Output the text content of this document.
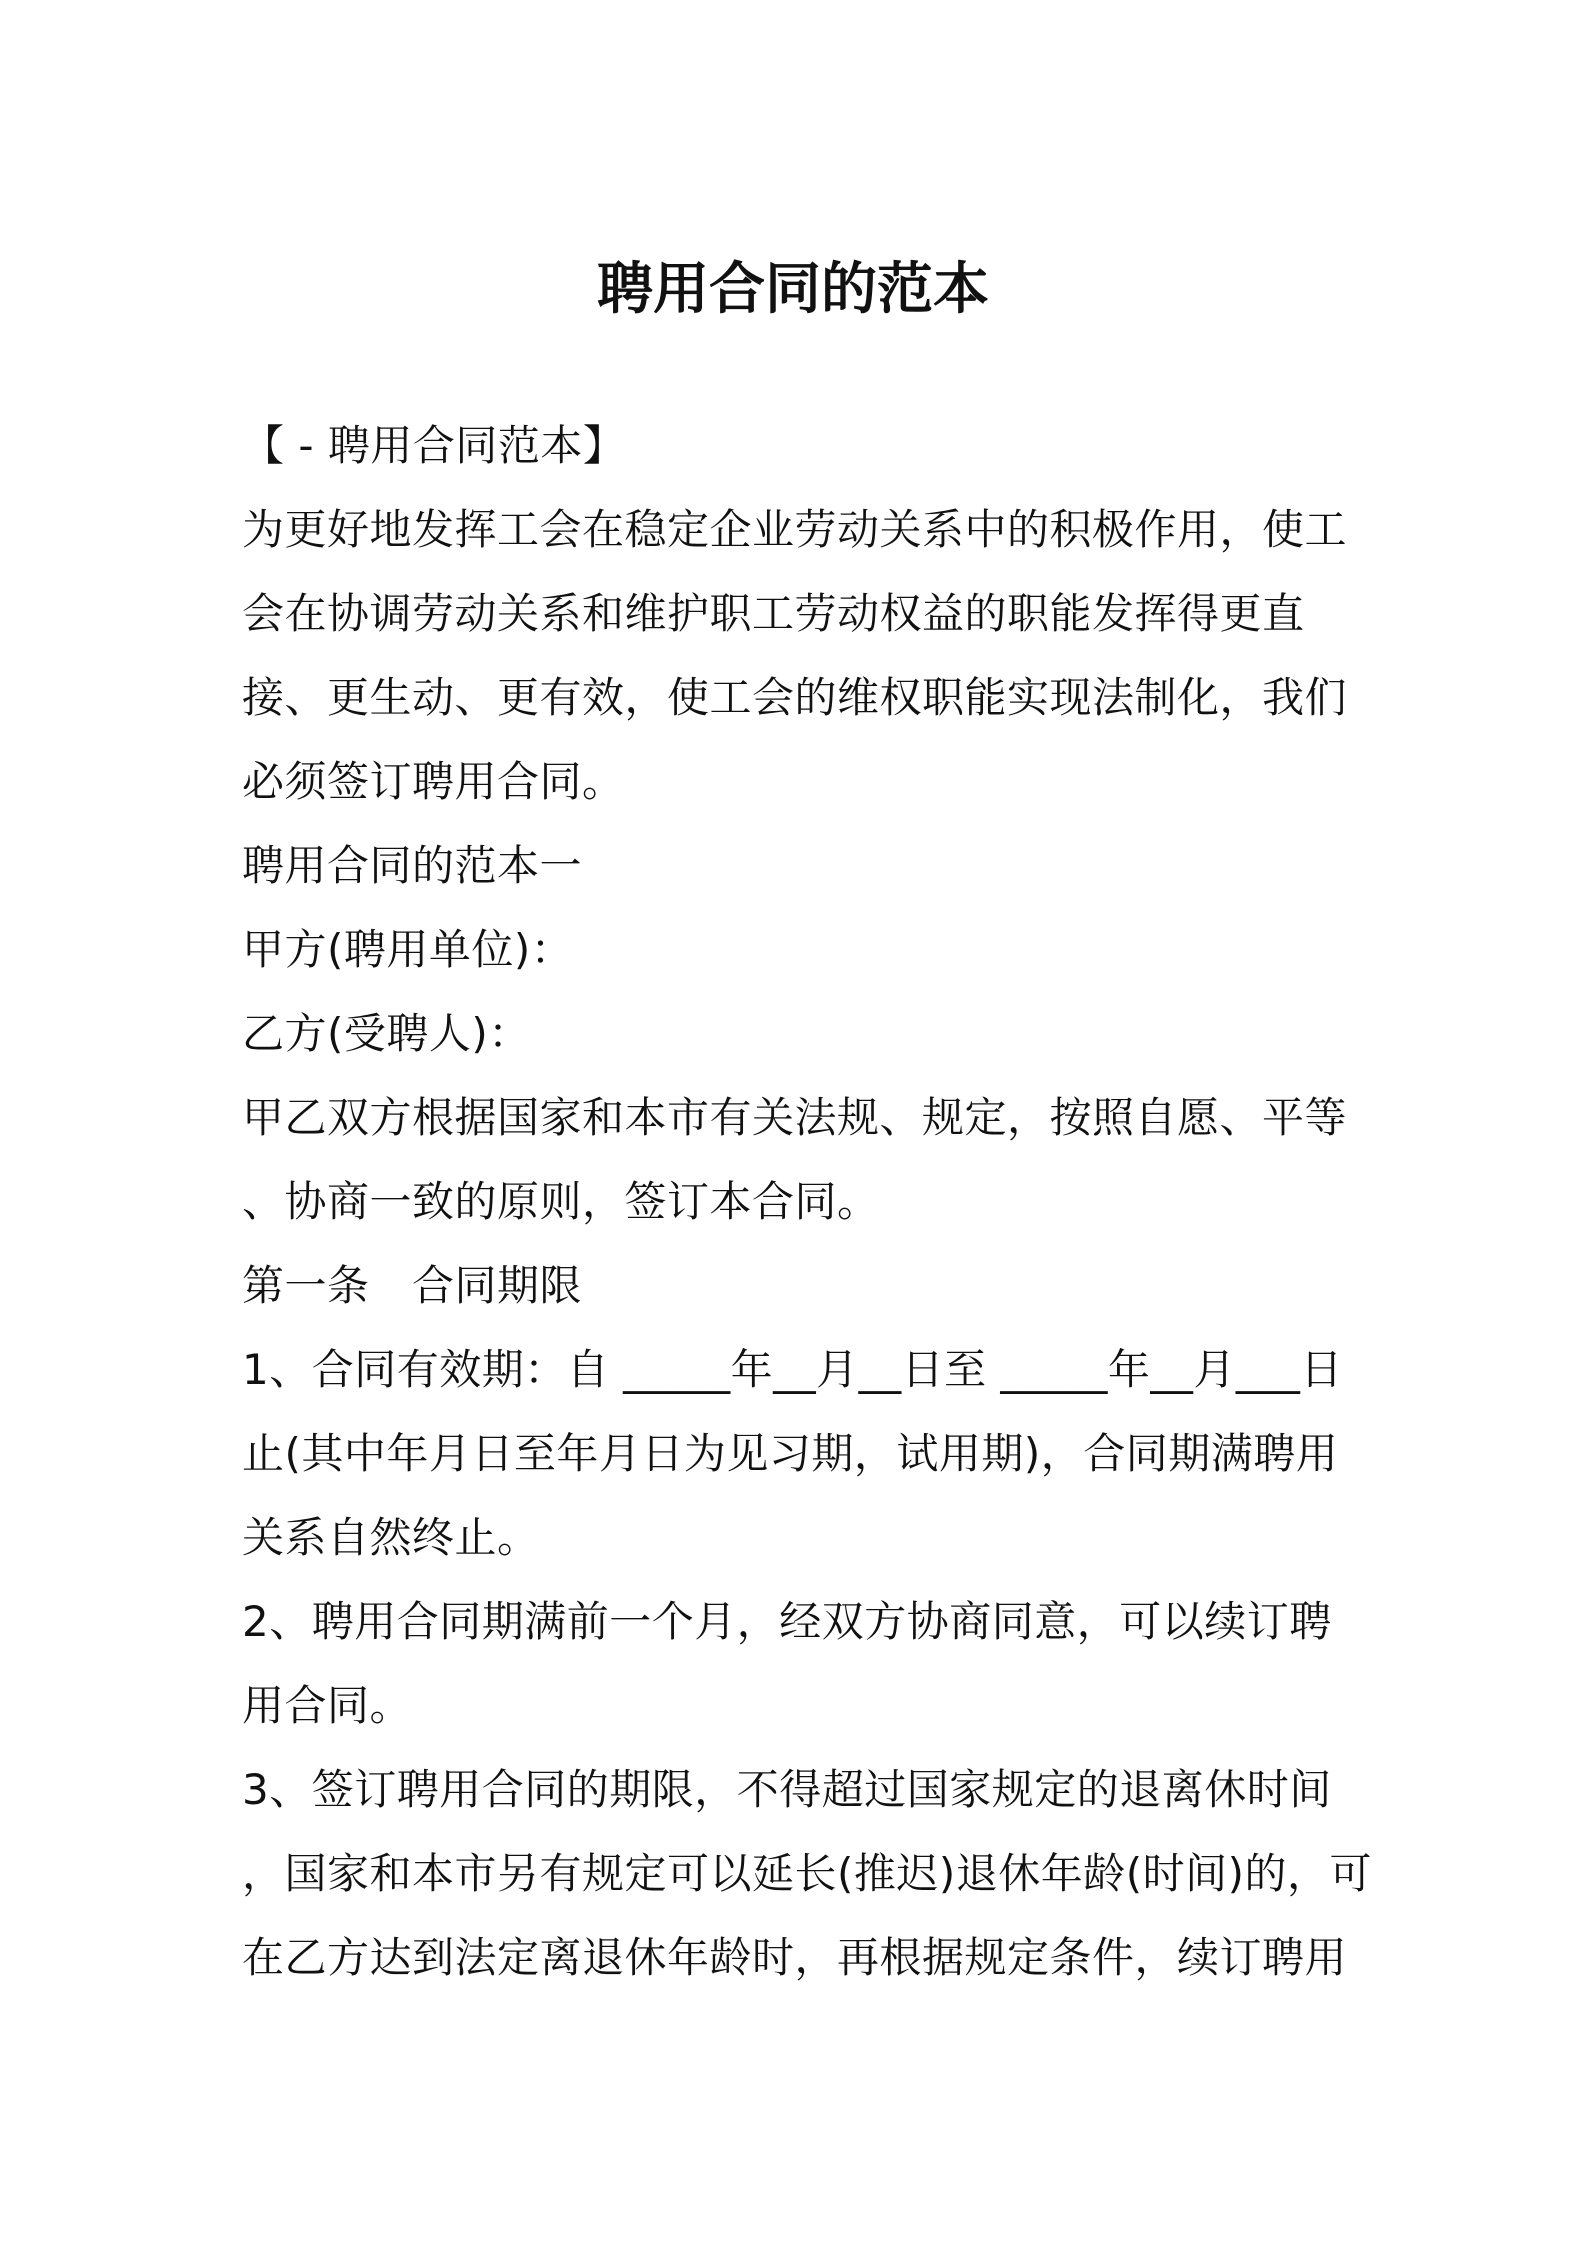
聘用合同的范本
【 - 聘用合同范本】
为更好地发挥工会在稳定企业劳动关系中的积极作用，使工
会在协调劳动关系和维护职工劳动权益的职能发挥得更直
接、更生动、更有效，使工会的维权职能实现法制化，我们
必须签订聘用合同。
聘用合同的范本一
甲方(聘用单位)：
乙方(受聘人)：
甲乙双方根据国家和本市有关法规、规定，按照自愿、平等
、协商一致的原则，签订本合同。
第一条　合同期限
1、合同有效期：自 _____年__月__日至 _____年__月___日
止(其中年月日至年月日为见习期，试用期)，合同期满聘用
关系自然终止。
2、聘用合同期满前一个月，经双方协商同意，可以续订聘
用合同。
3、签订聘用合同的期限，不得超过国家规定的退离休时间
，国家和本市另有规定可以延长(推迟)退休年龄(时间)的，可
在乙方达到法定离退休年龄时，再根据规定条件，续订聘用
